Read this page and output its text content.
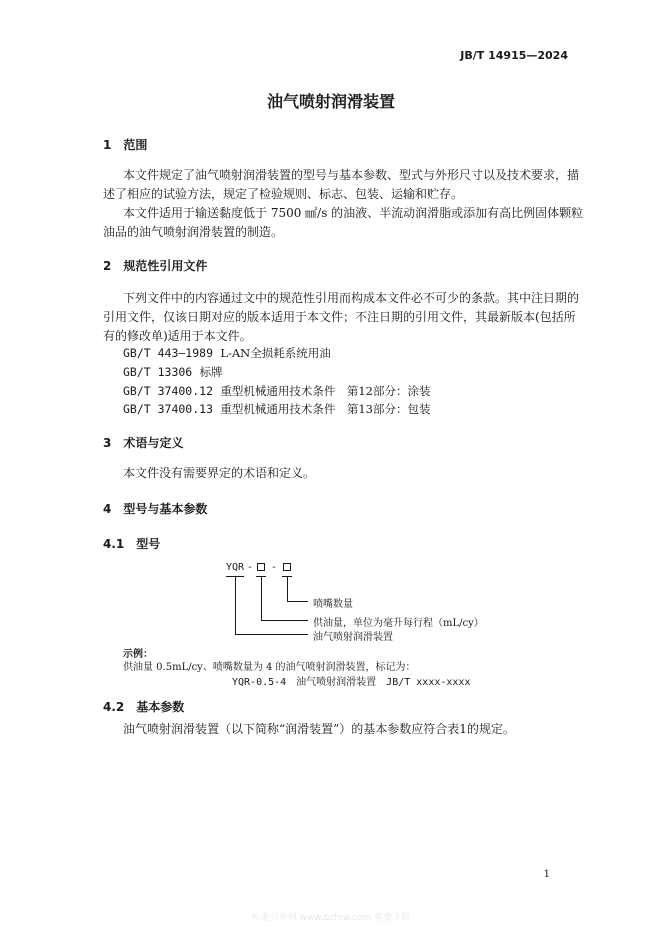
JB/T 14915—2024
油气喷射润滑装置
1 范围
本文件规定了油气喷射润滑装置的型号与基本参数、型式与外形尺寸以及技术要求，描
述了相应的试验方法，规定了检验规则、标志、包装、运输和贮存。
本文件适用于输送黏度低于 7500 ㎟/s 的油液、半流动润滑脂或添加有高比例固体颗粒
油品的油气喷射润滑装置的制造。
2 规范性引用文件
下列文件中的内容通过文中的规范性引用而构成本文件必不可少的条款。其中注日期的
引用文件，仅该日期对应的版本适用于本文件；不注日期的引用文件，其最新版本(包括所
有的修改单)适用于本文件。
GB/T 443—1989 L-AN全损耗系统用油
GB/T 13306 标牌
GB/T 37400.12 重型机械通用技术条件　第12部分：涂装
GB/T 37400.13 重型机械通用技术条件　第13部分：包装
3 术语与定义
本文件没有需要界定的术语和定义。
4 型号与基本参数
4.1 型号
YQR - -
喷嘴数量
供油量，单位为毫升每行程（mL/cy）
油气喷射润滑装置
示例：
供油量 0.5mL/cy、喷嘴数量为 4 的油气喷射润滑装置，标记为：
YQR-0.5-4　油气喷射润滑装置　JB/T xxxx-xxxx
4.2 基本参数
油气喷射润滑装置（以下简称“润滑装置”）的基本参数应符合表1的规定。
1
标准分享网 www.bzfxw.com 免费下载
